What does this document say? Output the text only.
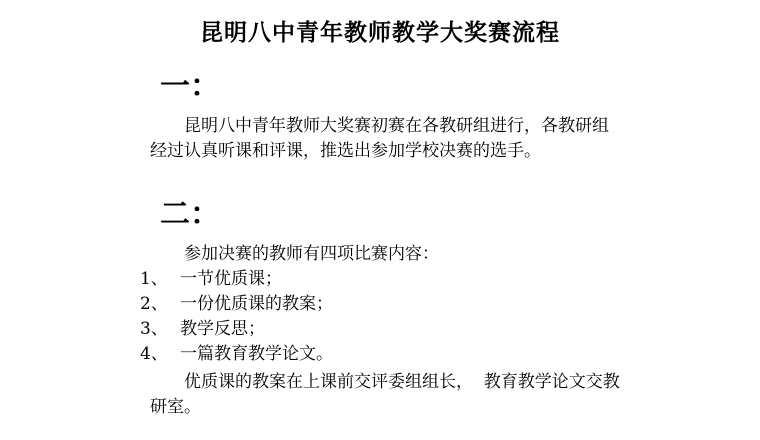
昆明八中青年教师教学大奖赛流程
一：

昆明八中青年教师大奖赛初赛在各教研组进行，各教研组经过认真听课和评课，推选出参加学校决赛的选手。

二：

参加决赛的教师有四项比赛内容：

1、 一节优质课；
2、 一份优质课的教案；
3、 教学反思；
4、 一篇教育教学论文。

优质课的教案在上课前交评委组组长，  教育教学论文交教研室。
